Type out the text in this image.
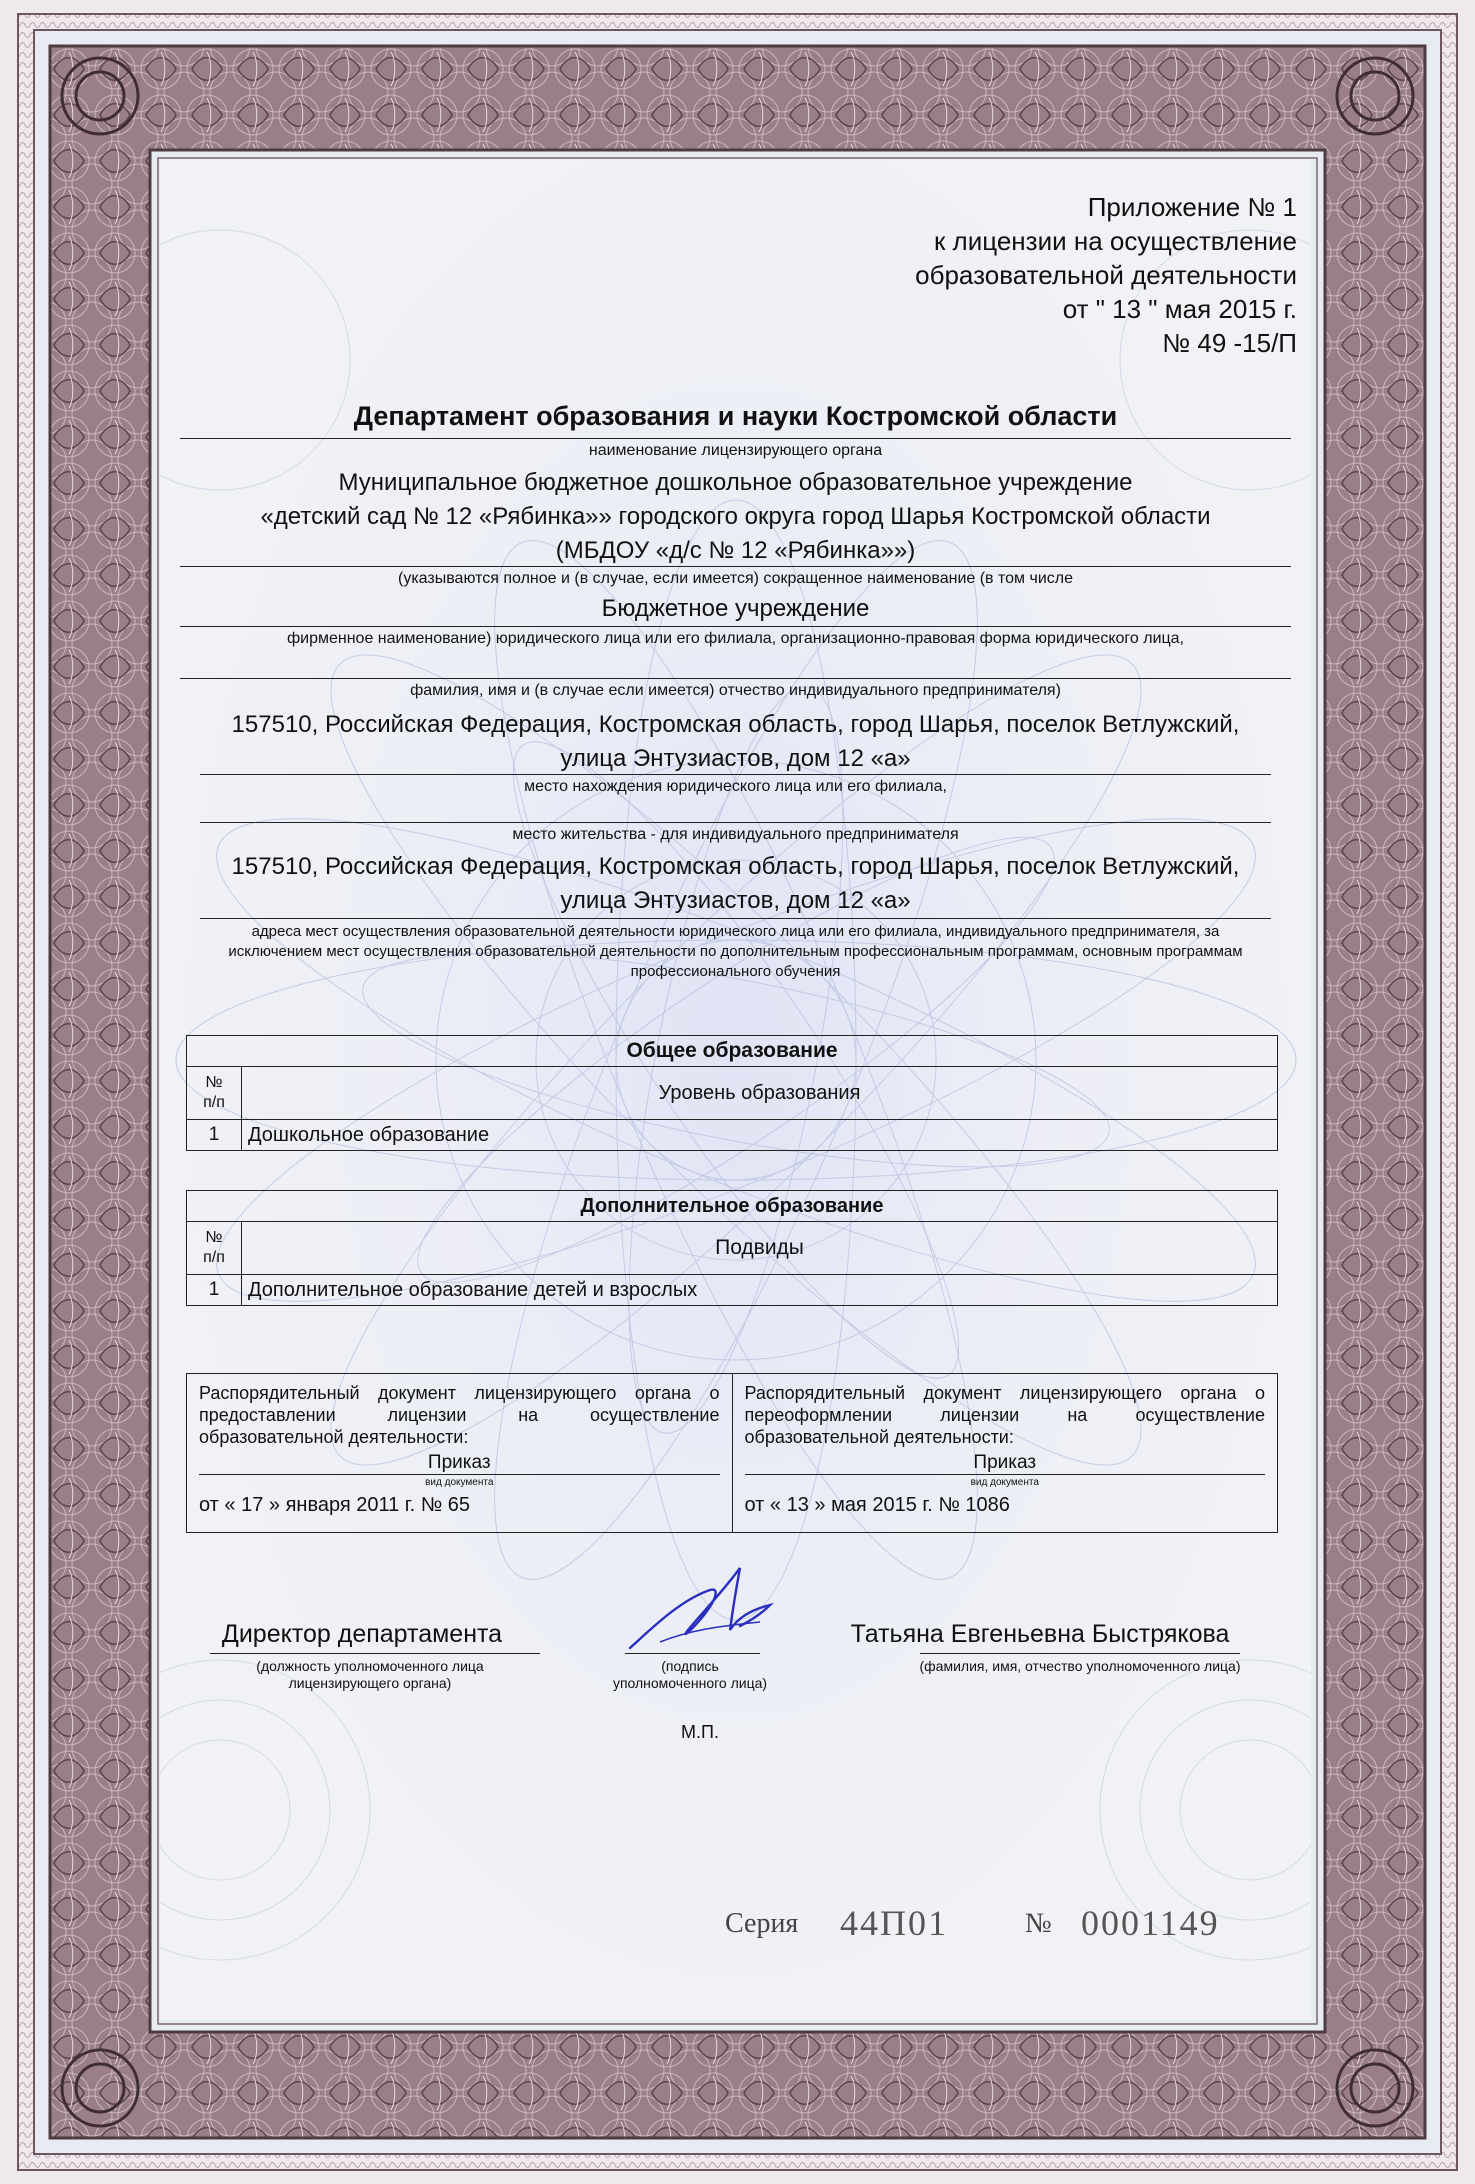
Приложение № 1
к лицензии на осуществление
образовательной деятельности
от " 13 " мая 2015 г.
№ 49 -15/П
Департамент образования и науки Костромской области
наименование лицензирующего органа
Муниципальное бюджетное дошкольное образовательное учреждение
«детский сад № 12 «Рябинка»» городского округа город Шарья Костромской области
(МБДОУ «д/с № 12 «Рябинка»»)
(указываются полное и (в случае, если имеется) сокращенное наименование (в том числе
Бюджетное учреждение
фирменное наименование) юридического лица или его филиала, организационно-правовая форма юридического лица,
фамилия, имя и (в случае если имеется) отчество индивидуального предпринимателя)
157510, Российская Федерация, Костромская область, город Шарья, поселок Ветлужский,
улица Энтузиастов, дом 12 «а»
место нахождения юридического лица или его филиала,
место жительства - для индивидуального предпринимателя
157510, Российская Федерация, Костромская область, город Шарья, поселок Ветлужский,
улица Энтузиастов, дом 12 «а»
адреса мест осуществления образовательной деятельности юридического лица или его филиала, индивидуального предпринимателя, за
исключением мест осуществления образовательной деятельности по дополнительным профессиональным программам, основным программам
профессионального обучения
Общее образование	

№
п/п	Уровень образования
1	Дошкольное образование
Дополнительное образование	

№
п/п	Подвиды
1	Дополнительное образование детей и взрослых
Распорядительный документ лицензирующего органа о предоставлении лицензии на осуществление образовательной деятельности:
Приказ
вид документа
от « 17 » января 2011 г. № 65

Распорядительный документ лицензирующего органа о переоформлении лицензии на осуществление образовательной деятельности:
Приказ
вид документа
от « 13 » мая 2015 г. № 1086
Директор департамента
(должность уполномоченного лица
лицензирующего органа)
(подпись
уполномоченного лица)
Татьяна Евгеньевна Быстрякова
(фамилия, имя, отчество уполномоченного лица)
М.П.
Серия 44П01	№ 0001149
